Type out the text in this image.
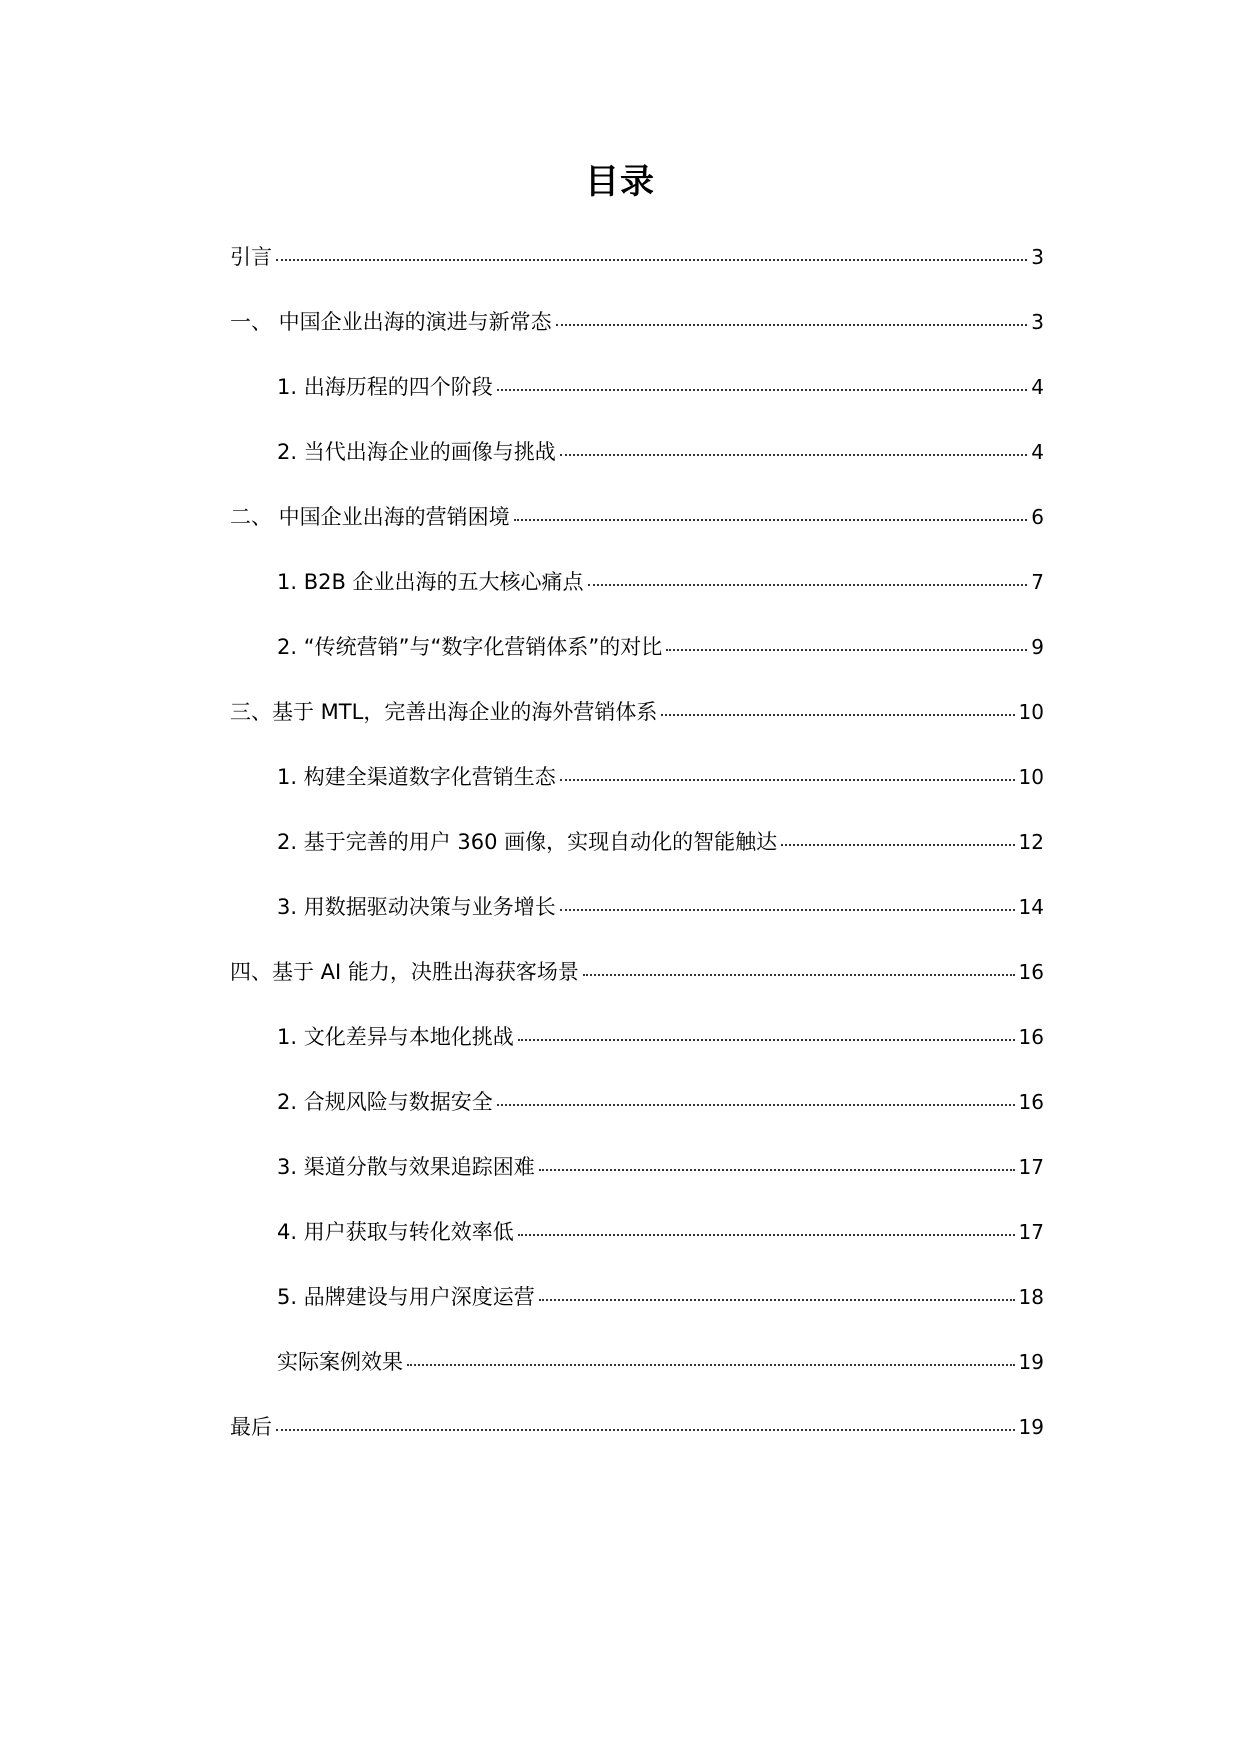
目录
引言	3
一、 中国企业出海的演进与新常态	3
1. 出海历程的四个阶段	4
2. 当代出海企业的画像与挑战	4
二、 中国企业出海的营销困境	6
1. B2B 企业出海的五大核心痛点	7
2. “传统营销”与“数字化营销体系”的对比	9
三、基于 MTL，完善出海企业的海外营销体系	10
1. 构建全渠道数字化营销生态	10
2. 基于完善的用户 360 画像，实现自动化的智能触达	12
3. 用数据驱动决策与业务增长	14
四、基于 AI 能力，决胜出海获客场景	16
1. 文化差异与本地化挑战	16
2. 合规风险与数据安全	16
3. 渠道分散与效果追踪困难	17
4. 用户获取与转化效率低	17
5. 品牌建设与用户深度运营	18
实际案例效果	19
最后	19
